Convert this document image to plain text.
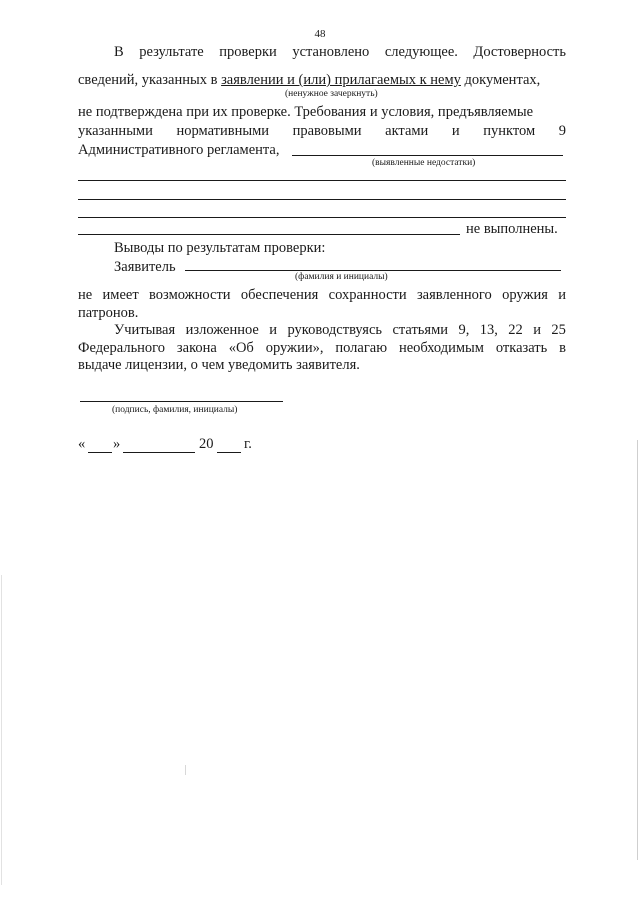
48
В результате проверки установлено следующее. Достоверность
сведений, указанных в заявлении и (или) прилагаемых к нему документах,
(ненужное зачеркнуть)
не подтверждена при их проверке. Требования и условия, предъявляемые
указанными нормативными правовыми актами и пунктом 9
Административного регламента,
(выявленные недостатки)
не выполнены.
Выводы по результатам проверки:
Заявитель
(фамилия и инициалы)
не имеет возможности обеспечения сохранности заявленного оружия и
патронов.
Учитывая изложенное и руководствуясь статьями 9, 13, 22 и 25
Федерального закона «Об оружии», полагаю необходимым отказать в
выдаче лицензии, о чем уведомить заявителя.
(подпись, фамилия, инициалы)
« »	20 г.
